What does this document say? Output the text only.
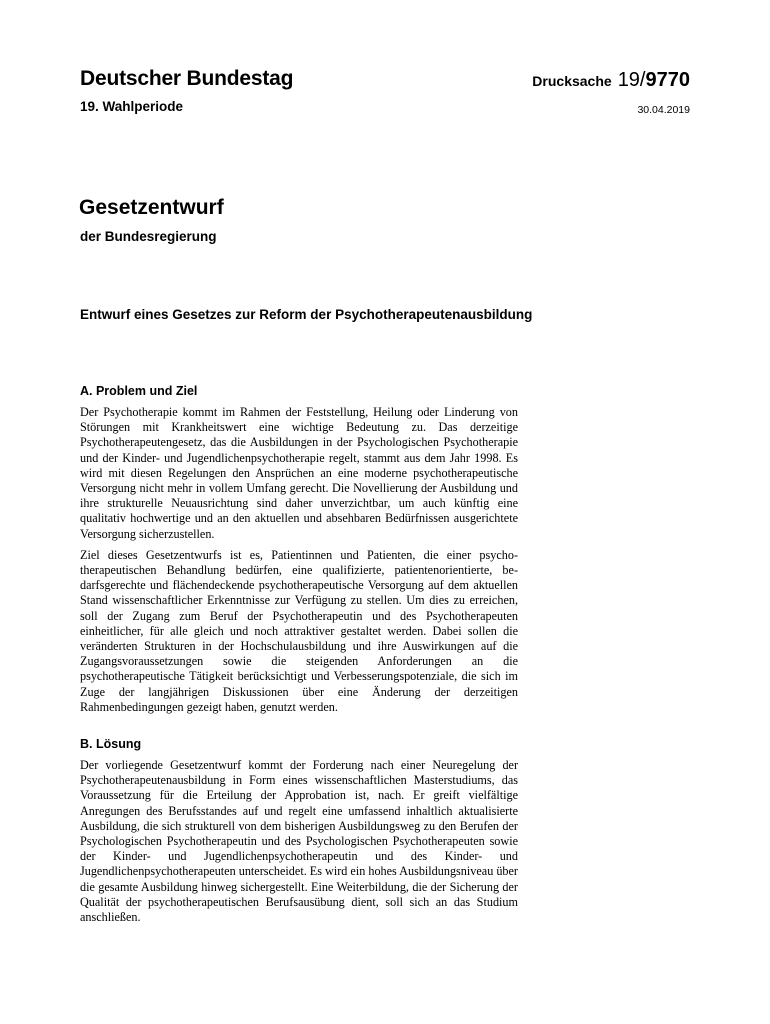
Deutscher Bundestag
19. Wahlperiode
Drucksache 19/ 9770
30.04.2019
Gesetzentwurf
der Bundesregierung
Entwurf eines Gesetzes zur Reform der Psychotherapeutenausbildung
A. Problem und Ziel

Der Psychotherapie kommt im Rahmen der Feststellung, Heilung oder Linderung von Störungen mit Krankheitswert eine wichtige Bedeutung zu. Das derzeitige Psychotherapeutengesetz, das die Ausbildungen in der Psychologischen Psychotherapie und der Kinder- und Jugendlichenpsychotherapie regelt, stammt aus dem Jahr 1998. Es wird mit diesen Regelungen den Ansprüchen an eine moderne psychotherapeutische Versorgung nicht mehr in vollem Umfang gerecht. Die Novellierung der Ausbildung und ihre strukturelle Neuausrichtung sind daher unverzichtbar, um auch künftig eine qualitativ hochwertige und an den aktuellen und absehbaren Bedürfnissen ausgerichtete Versorgung sicherzustellen.

Ziel dieses Gesetzentwurfs ist es, Patientinnen und Patienten, die einer psychotherapeutischen Behandlung bedürfen, eine qualifizierte, patientenorientierte, bedarfsgerechte und flächendeckende psychotherapeutische Versorgung auf dem aktuellen Stand wissenschaftlicher Erkenntnisse zur Verfügung zu stellen. Um dies zu erreichen, soll der Zugang zum Beruf der Psychotherapeutin und des Psychotherapeuten einheitlicher, für alle gleich und noch attraktiver gestaltet werden. Dabei sollen die veränderten Strukturen in der Hochschulausbildung und ihre Auswirkungen auf die Zugangsvoraussetzungen sowie die steigenden Anforderungen an die psychotherapeutische Tätigkeit berücksichtigt und Verbesserungspotenziale, die sich im Zuge der langjährigen Diskussionen über eine Änderung der derzeitigen Rahmenbedingungen gezeigt haben, genutzt werden.

B. Lösung

Der vorliegende Gesetzentwurf kommt der Forderung nach einer Neuregelung der Psychotherapeutenausbildung in Form eines wissenschaftlichen Masterstudiums, das Voraussetzung für die Erteilung der Approbation ist, nach. Er greift vielfältige Anregungen des Berufsstandes auf und regelt eine umfassend inhaltlich aktualisierte Ausbildung, die sich strukturell von dem bisherigen Ausbildungsweg zu den Berufen der Psychologischen Psychotherapeutin und des Psychologischen Psychotherapeuten sowie der Kinder- und Jugendlichenpsychotherapeutin und des Kinder- und Jugendlichenpsychotherapeuten unterscheidet. Es wird ein hohes Ausbildungsniveau über die gesamte Ausbildung hinweg sichergestellt. Eine Weiterbildung, die der Sicherung der Qualität der psychotherapeutischen Berufsausübung dient, soll sich an das Studium anschließen.
